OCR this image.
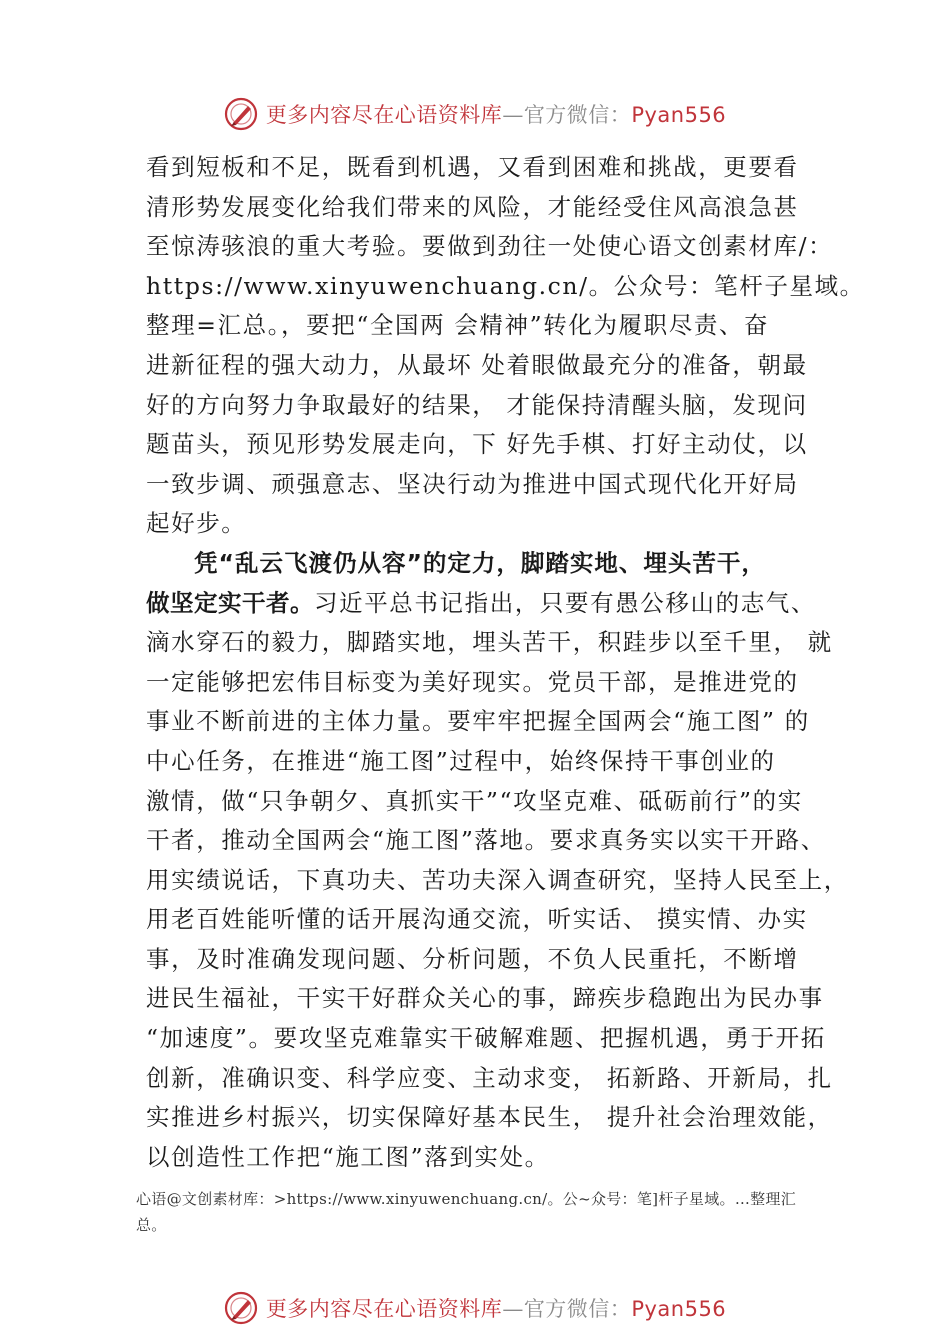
更多内容尽在心语资料库—官方微信：Pyan556
看到短板和不足，既看到机遇，又看到困难和挑战，更要看
清形势发展变化给我们带来的风险，才能经受住风高浪急甚
至惊涛骇浪的重大考验。要做到劲往一处使心语文创素材库/：
https://www.xinyuwenchuang.cn/。公众号：笔杆子星域。
整理=汇总。，要把“全国两 会精神”转化为履职尽责、奋
进新征程的强大动力，从最坏 处着眼做最充分的准备，朝最
好的方向努力争取最好的结果， 才能保持清醒头脑，发现问
题苗头，预见形势发展走向，下 好先手棋、打好主动仗，以
一致步调、顽强意志、坚决行动为推进中国式现代化开好局
起好步。
凭“乱云飞渡仍从容”的定力，脚踏实地、埋头苦干，
做坚定实干者。习近平总书记指出，只要有愚公移山的志气、
滴水穿石的毅力，脚踏实地，埋头苦干，积跬步以至千里， 就
一定能够把宏伟目标变为美好现实。党员干部，是推进党的
事业不断前进的主体力量。要牢牢把握全国两会“施工图” 的
中心任务，在推进“施工图”过程中，始终保持干事创业的
激情，做“只争朝夕、真抓实干”“攻坚克难、砥砺前行”的实
干者，推动全国两会“施工图”落地。要求真务实以实干开路、
用实绩说话，下真功夫、苦功夫深入调查研究，坚持人民至上，
用老百姓能听懂的话开展沟通交流，听实话、 摸实情、办实
事，及时准确发现问题、分析问题，不负人民重托，不断增
进民生福祉，干实干好群众关心的事，蹄疾步稳跑出为民办事
“加速度”。要攻坚克难靠实干破解难题、把握机遇，勇于开拓
创新，准确识变、科学应变、主动求变， 拓新路、开新局，扎
实推进乡村振兴，切实保障好基本民生， 提升社会治理效能，
以创造性工作把“施工图”落到实处。
心语@文创素材库：>https://www.xinyuwenchuang.cn/。公~众号：笔]杆子星域。…整理汇
总。
更多内容尽在心语资料库—官方微信：Pyan556
